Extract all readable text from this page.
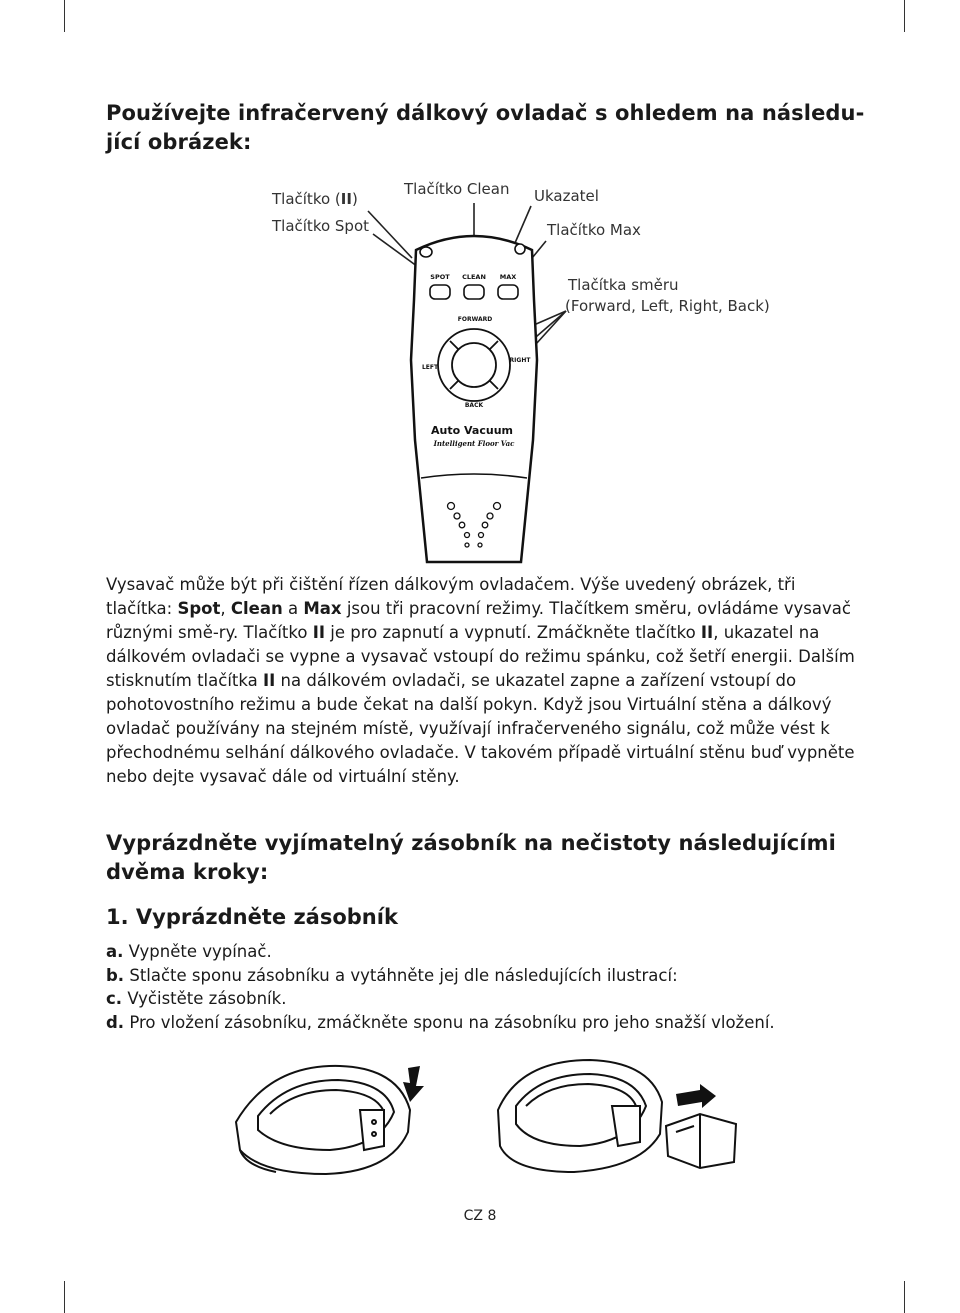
Používejte infračervený dálkový ovladač s ohledem na následu-
jící obrázek:
Tlačítko (II)
Tlačítko Spot
Tlačítko Clean Ukazatel
Tlačítko Max
Tlačítka směru
(Forward, Left, Right, Back)
SPOT CLEAN MAX
FORWARD
LEFT
RIGHT
BACK
Auto Vacuum
Intelligent Floor Vac
Vysavač může být při čištění řízen dálkovým ovladačem. Výše uvedený obrázek, tři tlačítka: Spot, Clean a Max jsou tři pracovní režimy. Tlačítkem směru, ovládáme vysavač různými smě-ry. Tlačítko II je pro zapnutí a vypnutí. Zmáčkněte tlačítko II, ukazatel na dálkovém ovladači se vypne a vysavač vstoupí do režimu spánku, což šetří energii. Dalším stisknutím tlačítka II na dálkovém ovladači, se ukazatel zapne a zařízení vstoupí do pohotovostního režimu a bude čekat na další pokyn. Když jsou Virtuální stěna a dálkový ovladač používány na stejném místě, využívají infračerveného signálu, což může vést k přechodnému selhání dálkového ovladače. V takovém případě virtuální stěnu buď vypněte nebo dejte vysavač dále od virtuální stěny.
Vyprázdněte vyjímatelný zásobník na nečistoty následujícími
dvěma kroky:
1. Vyprázdněte zásobník
a. Vypněte vypínač.
b. Stlačte sponu zásobníku a vytáhněte jej dle následujících ilustrací:
c. Vyčistěte zásobník.
d. Pro vložení zásobníku, zmáčkněte sponu na zásobníku pro jeho snažší vložení.
CZ 8
